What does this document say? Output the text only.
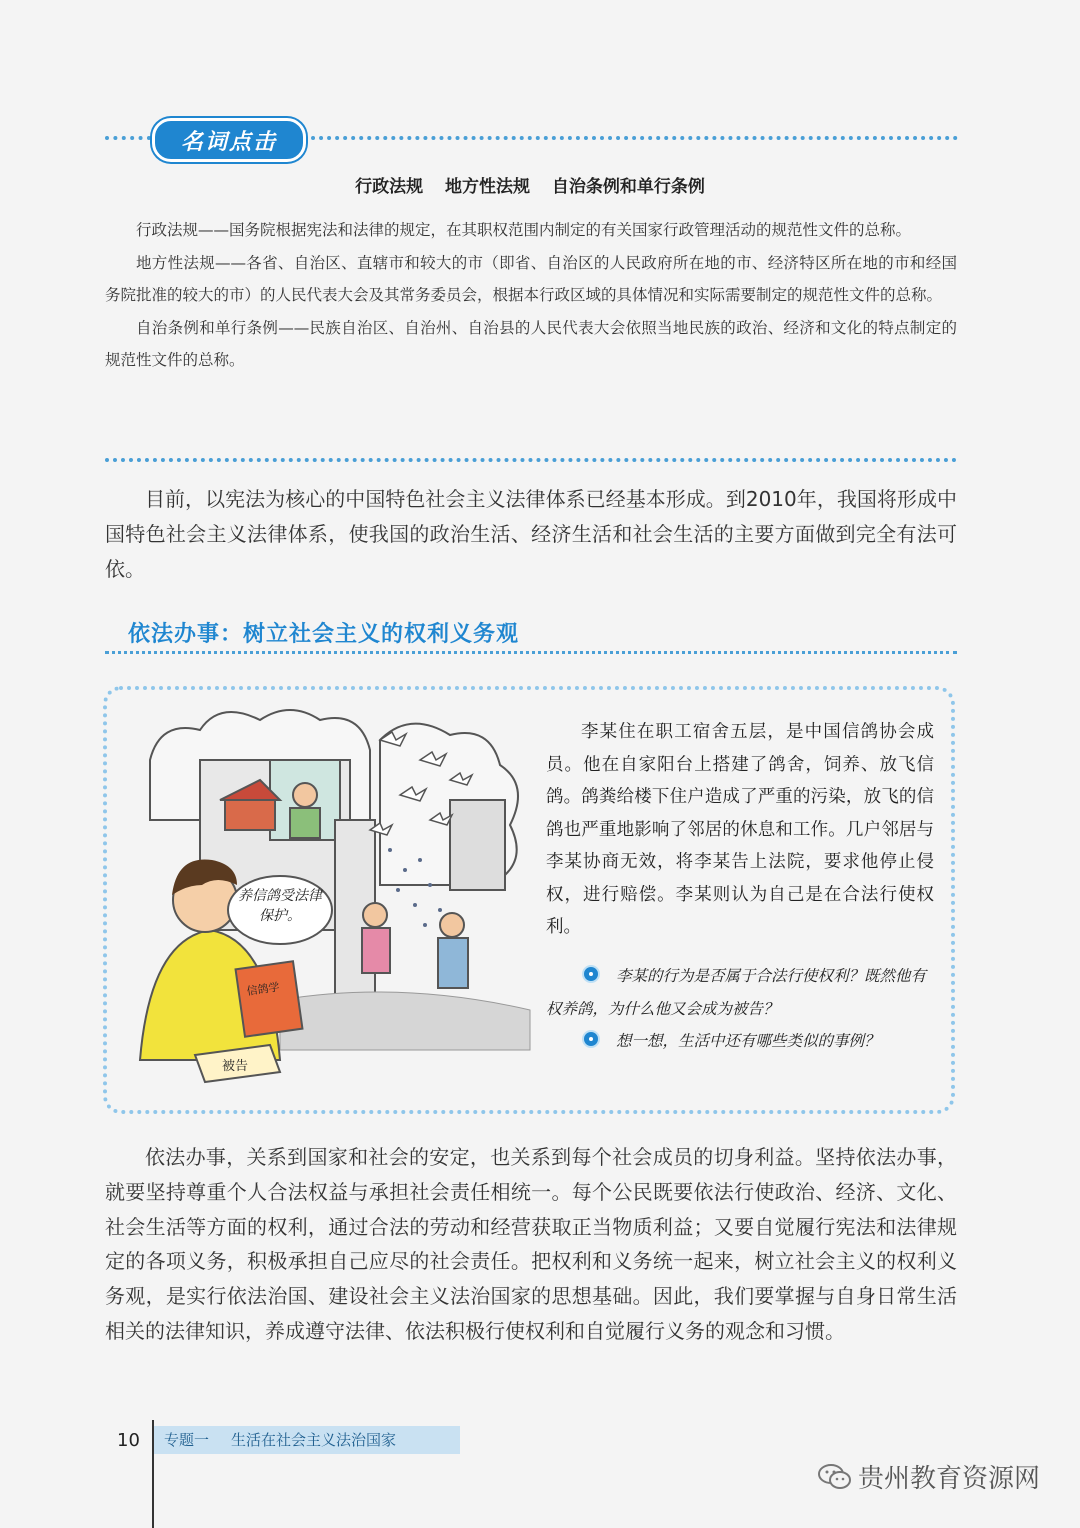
名词点击
行政法规 地方性法规 自治条例和单行条例

行政法规——国务院根据宪法和法律的规定，在其职权范围内制定的有关国家行政管理活动的规范性文件的总称。

地方性法规——各省、自治区、直辖市和较大的市（即省、自治区的人民政府所在地的市、经济特区所在地的市和经国务院批准的较大的市）的人民代表大会及其常务委员会，根据本行政区域的具体情况和实际需要制定的规范性文件的总称。

自治条例和单行条例——民族自治区、自治州、自治县的人民代表大会依照当地民族的政治、经济和文化的特点制定的规范性文件的总称。

目前，以宪法为核心的中国特色社会主义法律体系已经基本形成。到2010年，我国将形成中国特色社会主义法律体系，使我国的政治生活、经济生活和社会生活的主要方面做到完全有法可依。

依法办事：树立社会主义的权利义务观
养信鸽受法律保护。
信鸽学
被告

李某住在职工宿舍五层，是中国信鸽协会成员。他在自家阳台上搭建了鸽舍，饲养、放飞信鸽。鸽粪给楼下住户造成了严重的污染，放飞的信鸽也严重地影响了邻居的休息和工作。几户邻居与李某协商无效，将李某告上法院，要求他停止侵权，进行赔偿。李某则认为自己是在合法行使权利。

李某的行为是否属于合法行使权利？既然他有权养鸽，为什么他又会成为被告？

想一想，生活中还有哪些类似的事例？

依法办事，关系到国家和社会的安定，也关系到每个社会成员的切身利益。坚持依法办事，就要坚持尊重个人合法权益与承担社会责任相统一。每个公民既要依法行使政治、经济、文化、社会生活等方面的权利，通过合法的劳动和经营获取正当物质利益；又要自觉履行宪法和法律规定的各项义务，积极承担自己应尽的社会责任。把权利和义务统一起来，树立社会主义的权利义务观，是实行依法治国、建设社会主义法治国家的思想基础。因此，我们要掌握与自身日常生活相关的法律知识，养成遵守法律、依法积极行使权利和自觉履行义务的观念和习惯。

10	专题一 生活在社会主义法治国家
贵州教育资源网
